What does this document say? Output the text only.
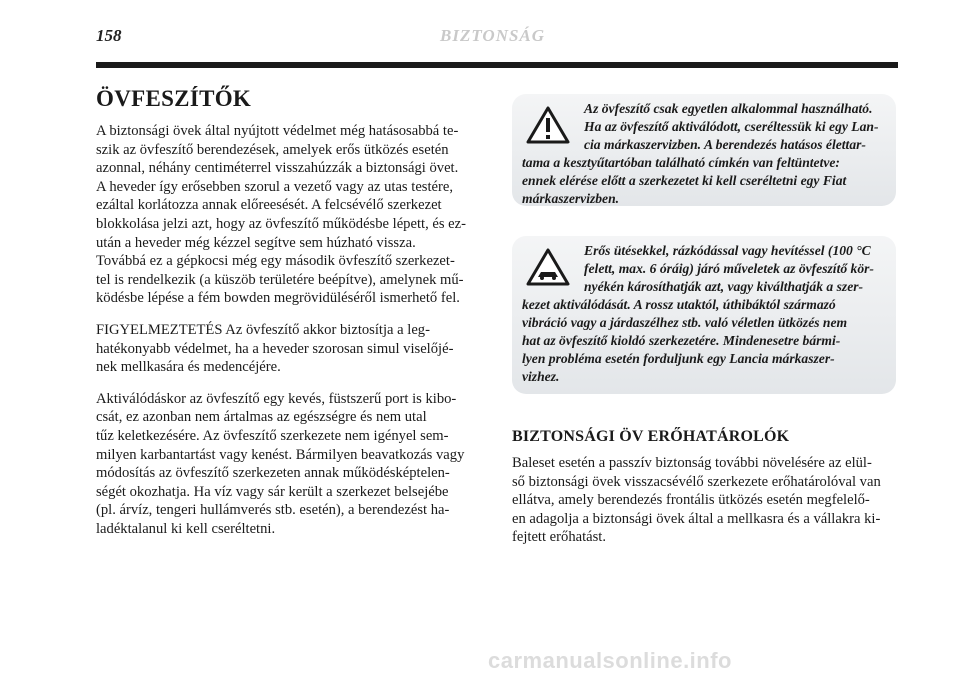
158	BIZTONSÁG
ÖVFESZÍTŐK
A biztonsági övek által nyújtott védelmet még hatásosabbá te-
szik az övfeszítő berendezések, amelyek erős ütközés esetén
azonnal, néhány centiméterrel visszahúzzák a biztonsági övet.
A heveder így erősebben szorul a vezető vagy az utas testére,
ezáltal korlátozza annak előreesését. A felcsévélő szerkezet
blokkolása jelzi azt, hogy az övfeszítő működésbe lépett, és ez-
után a heveder még kézzel segítve sem húzható vissza.
Továbbá ez a gépkocsi még egy második övfeszítő szerkezet-
tel is rendelkezik (a küszöb területére beépítve), amelynek mű-
ködésbe lépése a fém bowden megrövidüléséről ismerhető fel.
FIGYELMEZTETÉS Az övfeszítő akkor biztosítja a leg-
hatékonyabb védelmet, ha a heveder szorosan simul viselőjé-
nek mellkasára és medencéjére.
Aktiválódáskor az övfeszítő egy kevés, füstszerű port is kibo-
csát, ez azonban nem ártalmas az egészségre és nem utal
tűz keletkezésére. Az övfeszítő szerkezete nem igényel sem-
milyen karbantartást vagy kenést. Bármilyen beavatkozás vagy
módosítás az övfeszítő szerkezeten annak működésképtelen-
ségét okozhatja. Ha víz vagy sár került a szerkezet belsejébe
(pl. árvíz, tengeri hullámverés stb. esetén), a berendezést ha-
ladéktalanul ki kell cseréltetni.
Az övfeszítő csak egyetlen alkalommal használható.
Ha az övfeszítő aktiválódott, cseréltessük ki egy Lan-
cia márkaszervizben. A berendezés hatásos élettar-
tama a kesztyűtartóban található címkén van feltüntetve:
ennek elérése előtt a szerkezetet ki kell cseréltetni egy Fiat
márkaszervizben.
Erős ütésekkel, rázkódással vagy hevítéssel (100 °C
felett, max. 6 óráig) járó műveletek az övfeszítő kör-
nyékén károsíthatják azt, vagy kiválthatják a szer-
kezet aktiválódását. A rossz utaktól, úthibáktól származó
vibráció vagy a járdaszélhez stb. való véletlen ütközés nem
hat az övfeszítő kioldó szerkezetére. Mindenesetre bármi-
lyen probléma esetén forduljunk egy Lancia márkaszer-
vizhez.
BIZTONSÁGI ÖV ERŐHATÁROLÓK
Baleset esetén a passzív biztonság további növelésére az elül-
ső biztonsági övek visszacsévélő szerkezete erőhatárolóval van
ellátva, amely berendezés frontális ütközés esetén megfelelő-
en adagolja a biztonsági övek által a mellkasra és a vállakra ki-
fejtett erőhatást.
carmanualsonline.info
